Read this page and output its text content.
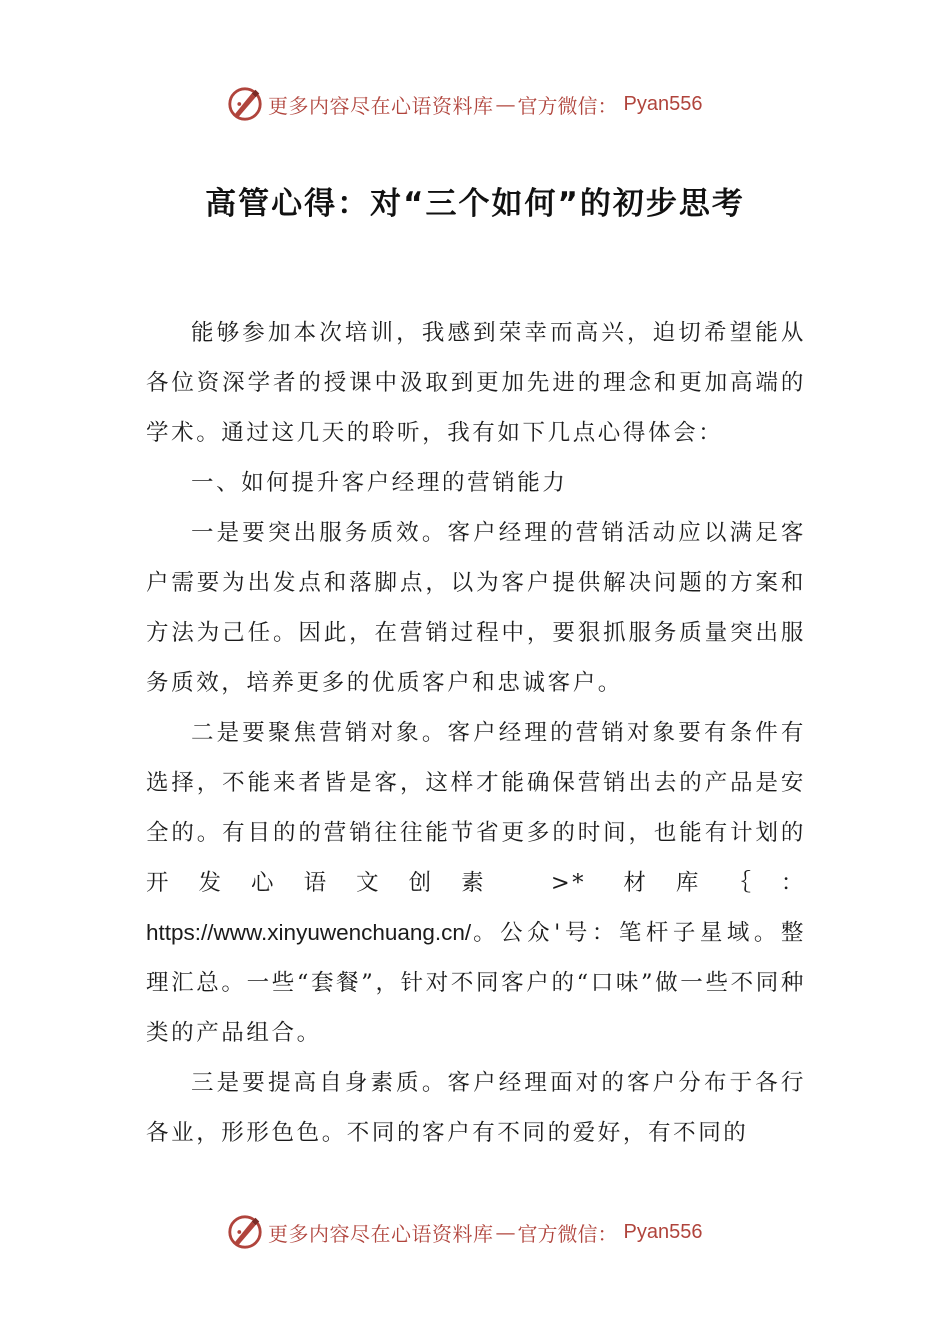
更多内容尽在心语资料库 — 官方微信： Pyan556
高管心得：对“三个如何”的初步思考

能够参加本次培训，我感到荣幸而高兴，迫切希望能从各位资深学者的授课中汲取到更加先进的理念和更加高端的学术。通过这几天的聆听，我有如下几点心得体会：

一、如何提升客户经理的营销能力

一是要突出服务质效。客户经理的营销活动应以满足客户需要为出发点和落脚点，以为客户提供解决问题的方案和方法为己任。因此，在营销过程中，要狠抓服务质量突出服务质效，培养更多的优质客户和忠诚客户。

二是要聚焦营销对象。客户经理的营销对象要有条件有选择，不能来者皆是客，这样才能确保营销出去的产品是安全的。有目的的营销往往能节省更多的时间，也能有计划的开发心语文创素 >* 材库｛： https://www.xinyuwenchuang.cn/。公众'号：笔杆子星域。整理汇总。一些“套餐”，针对不同客户的“口味”做一些不同种类的产品组合。

三是要提高自身素质。客户经理面对的客户分布于各行各业，形形色色。不同的客户有不同的爱好，有不同的

更多内容尽在心语资料库 — 官方微信： Pyan556
